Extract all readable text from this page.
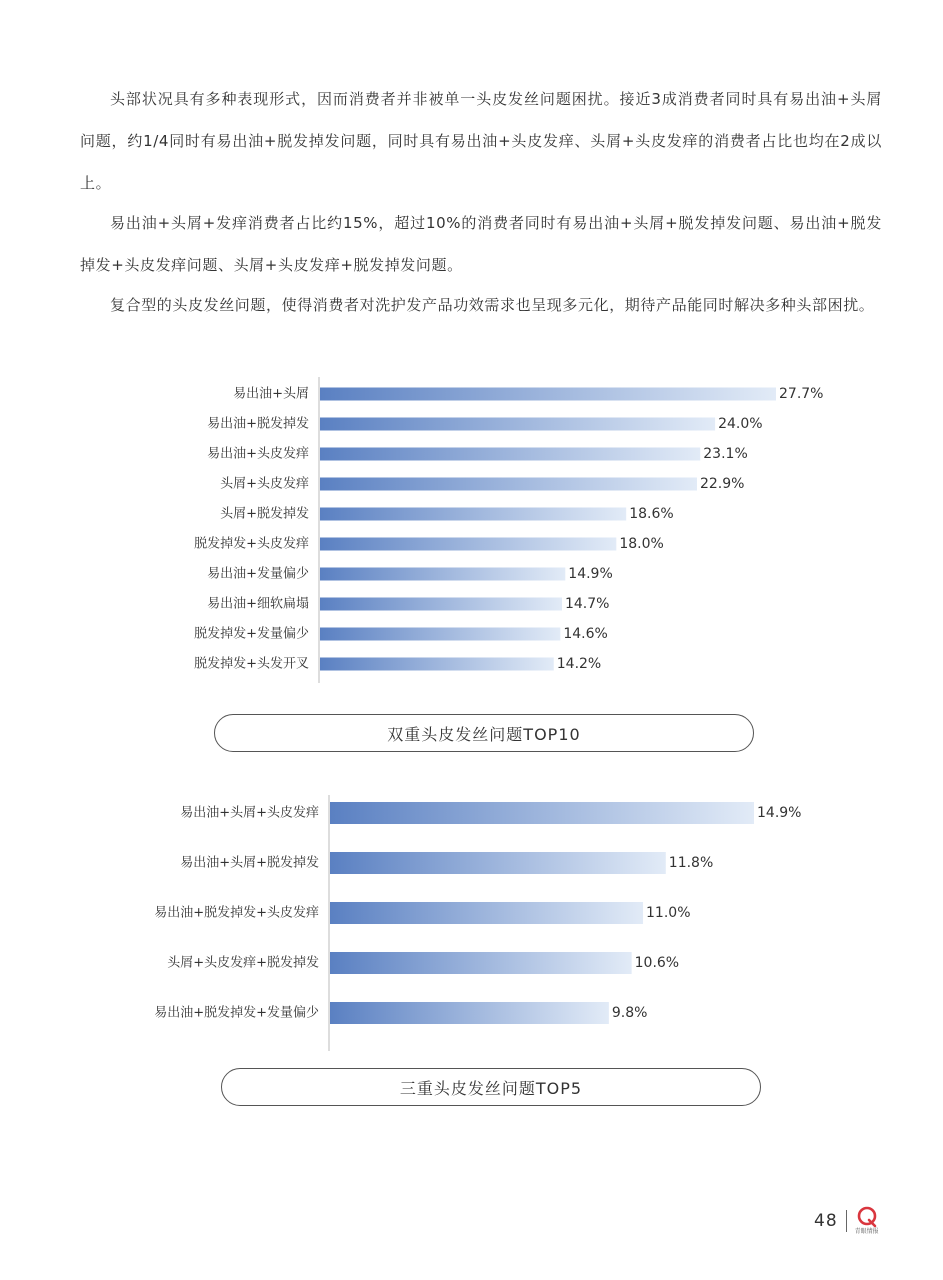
头部状况具有多种表现形式，因而消费者并非被单一头皮发丝问题困扰。接近3成消费者同时具有易出油+头屑问题，约1/4同时有易出油+脱发掉发问题，同时具有易出油+头皮发痒、头屑+头皮发痒的消费者占比也均在2成以上。

易出油+头屑+发痒消费者占比约15%，超过10%的消费者同时有易出油+头屑+脱发掉发问题、易出油+脱发掉发+头皮发痒问题、头屑+头皮发痒+脱发掉发问题。

复合型的头皮发丝问题，使得消费者对洗护发产品功效需求也呈现多元化，期待产品能同时解决多种头部困扰。

易出油+头屑	27.7%
易出油+脱发掉发	24.0%
易出油+头皮发痒	23.1%
头屑+头皮发痒	22.9%
头屑+脱发掉发	18.6%
脱发掉发+头皮发痒	18.0%
易出油+发量偏少	14.9%
易出油+细软扁塌	14.7%
脱发掉发+发量偏少	14.6%
脱发掉发+头发开叉	14.2%
双重头皮发丝问题TOP10
易出油+头屑+头皮发痒	14.9%
易出油+头屑+脱发掉发	11.8%
易出油+脱发掉发+头皮发痒	11.0%
头屑+头皮发痒+脱发掉发	10.6%
易出油+脱发掉发+发量偏少	9.8%
三重头皮发丝问题TOP5
48
青眼情报
